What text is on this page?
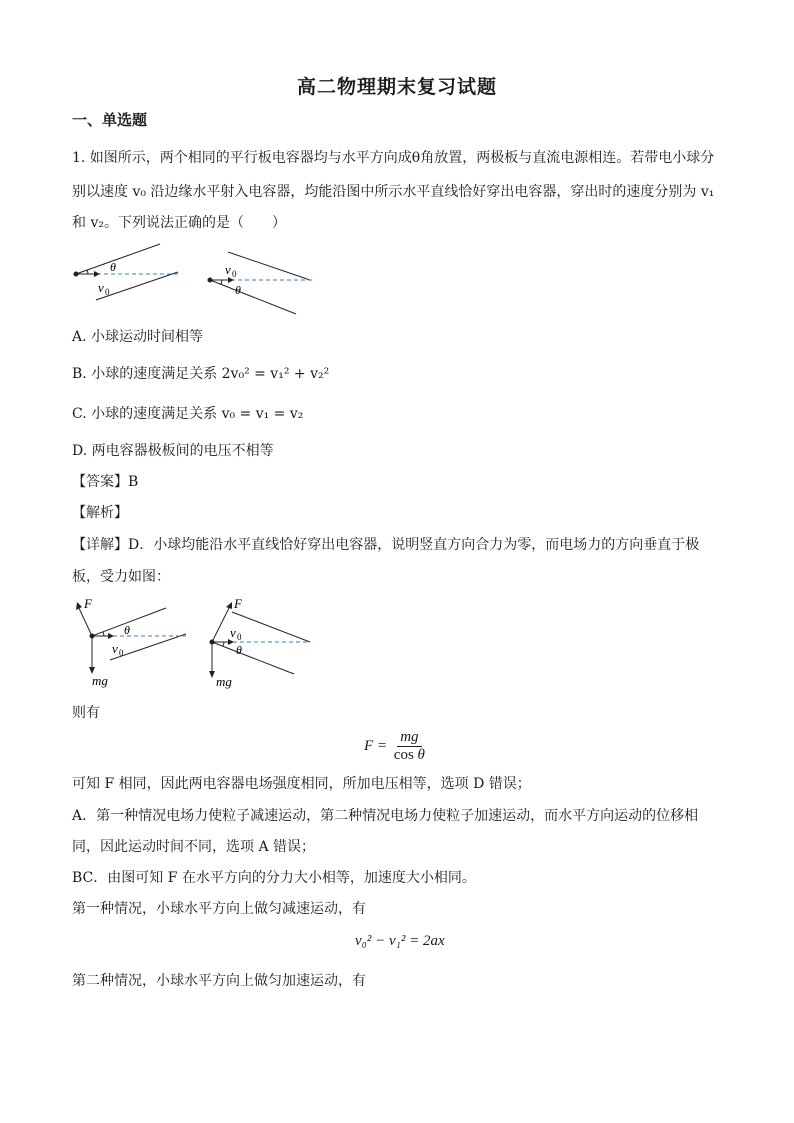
高二物理期末复习试题
一、单选题
1. 如图所示，两个相同的平行板电容器均与水平方向成θ角放置，两极板与直流电源相连。若带电小球分
别以速度 v₀ 沿边缘水平射入电容器，均能沿图中所示水平直线恰好穿出电容器，穿出时的速度分别为 v₁
和 v₂。下列说法正确的是（　　）
θ
v 0
v 0
θ
A. 小球运动时间相等
B. 小球的速度满足关系 2v₀² = v₁² + v₂²
C. 小球的速度满足关系 v₀ = v₁ = v₂
D. 两电容器极板间的电压不相等
【答案】B
【解析】
【详解】D．小球均能沿水平直线恰好穿出电容器，说明竖直方向合力为零，而电场力的方向垂直于极
板，受力如图：
F
θ
v 0
mg
F
v 0
θ
mg
则有
$F = \frac{mg}{\text{cos θ}}$
可知 F 相同，因此两电容器电场强度相同，所加电压相等，选项 D 错误；
A．第一种情况电场力使粒子减速运动，第二种情况电场力使粒子加速运动，而水平方向运动的位移相
同，因此运动时间不同，选项 A 错误；
BC．由图可知 F 在水平方向的分力大小相等，加速度大小相同。
第一种情况，小球水平方向上做匀减速运动，有
v₀² − v₁² = 2ax
第二种情况，小球水平方向上做匀加速运动，有
